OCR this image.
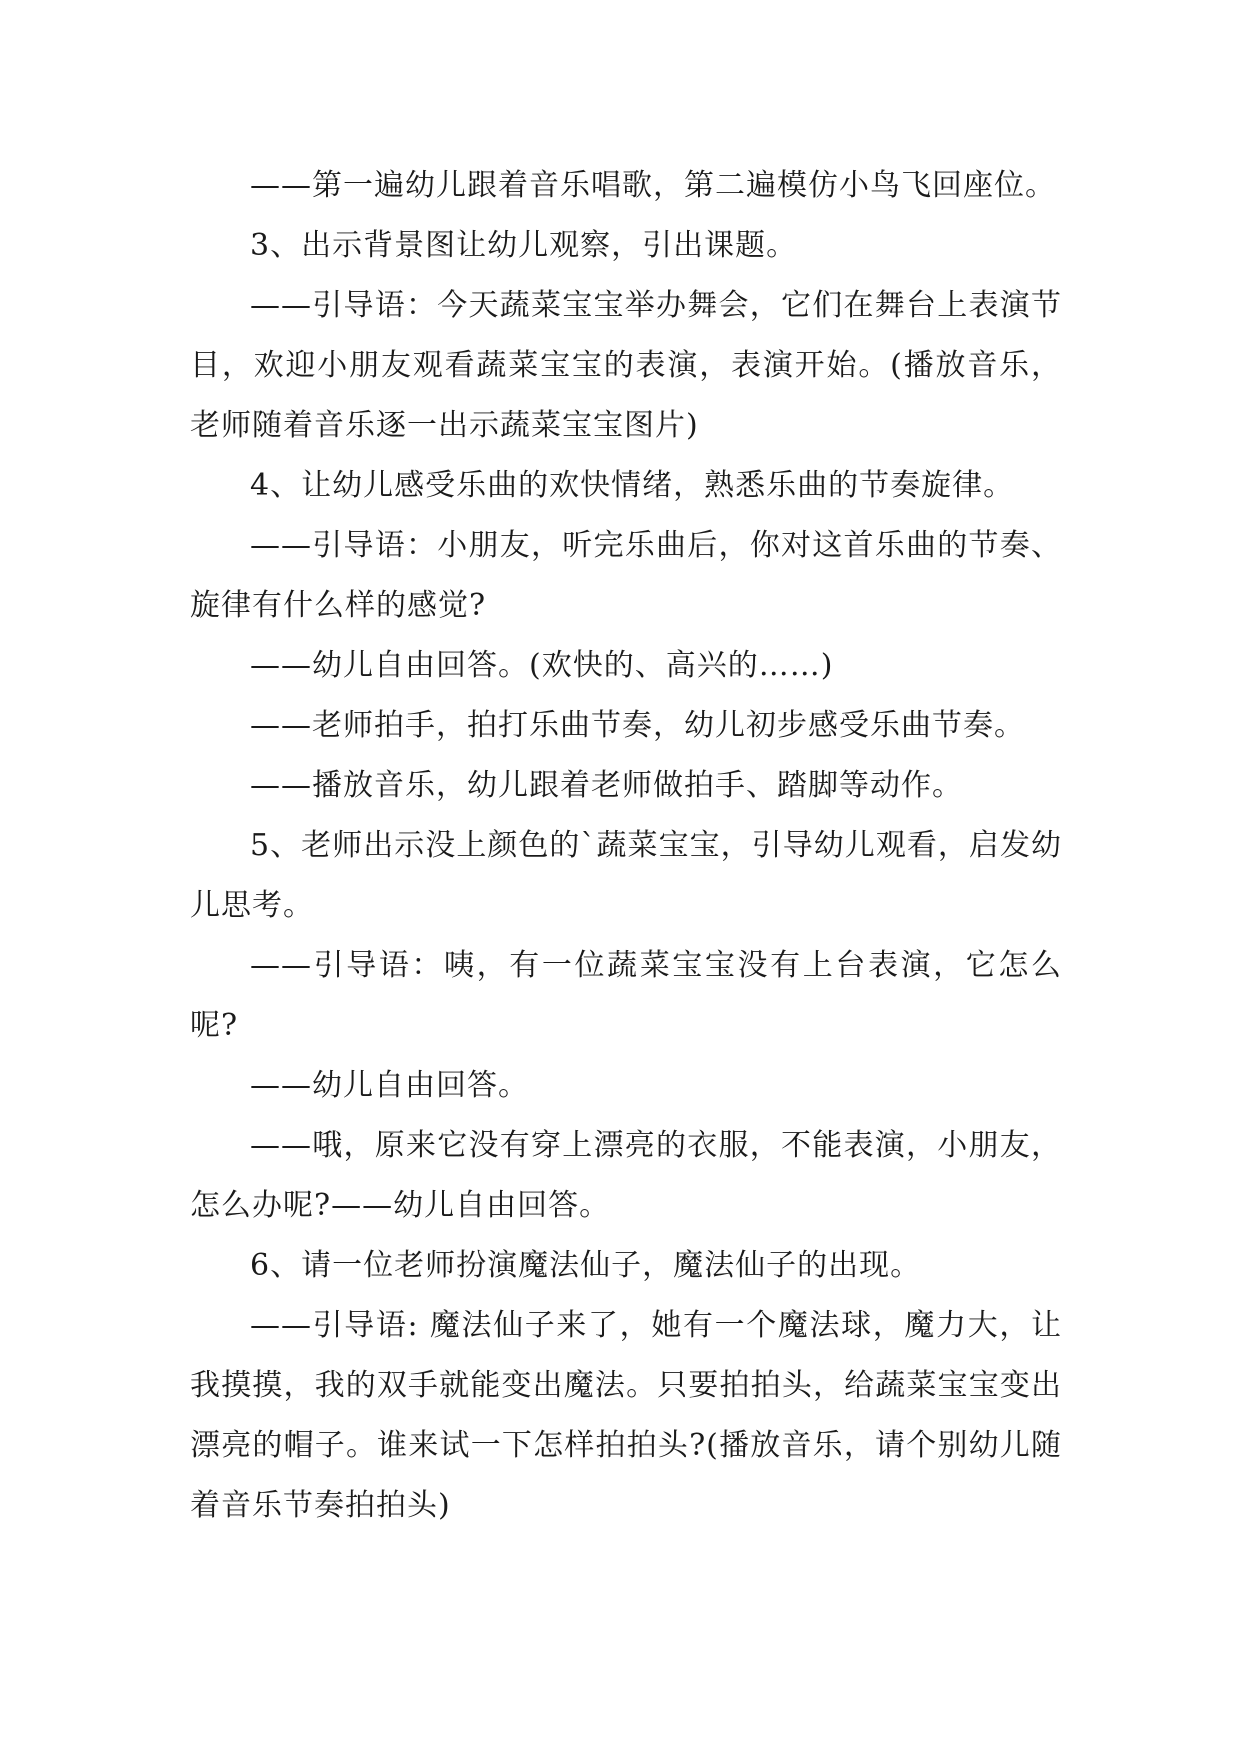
——第一遍幼儿跟着音乐唱歌，第二遍模仿小鸟飞回座位。

3、出示背景图让幼儿观察，引出课题。

——引导语：今天蔬菜宝宝举办舞会，它们在舞台上表演节目，欢迎小朋友观看蔬菜宝宝的表演，表演开始。(播放音乐，老师随着音乐逐一出示蔬菜宝宝图片)

4、让幼儿感受乐曲的欢快情绪，熟悉乐曲的节奏旋律。

——引导语：小朋友，听完乐曲后，你对这首乐曲的节奏、旋律有什么样的感觉?

——幼儿自由回答。(欢快的、高兴的……)

——老师拍手，拍打乐曲节奏，幼儿初步感受乐曲节奏。

——播放音乐，幼儿跟着老师做拍手、踏脚等动作。

5、老师出示没上颜色的`蔬菜宝宝，引导幼儿观看，启发幼儿思考。

——引导语：咦，有一位蔬菜宝宝没有上台表演，它怎么呢?

——幼儿自由回答。

——哦，原来它没有穿上漂亮的衣服，不能表演，小朋友，怎么办呢?——幼儿自由回答。

6、请一位老师扮演魔法仙子，魔法仙子的出现。

——引导语: 魔法仙子来了，她有一个魔法球，魔力大，让我摸摸，我的双手就能变出魔法。只要拍拍头，给蔬菜宝宝变出漂亮的帽子。谁来试一下怎样拍拍头?(播放音乐，请个别幼儿随着音乐节奏拍拍头)
